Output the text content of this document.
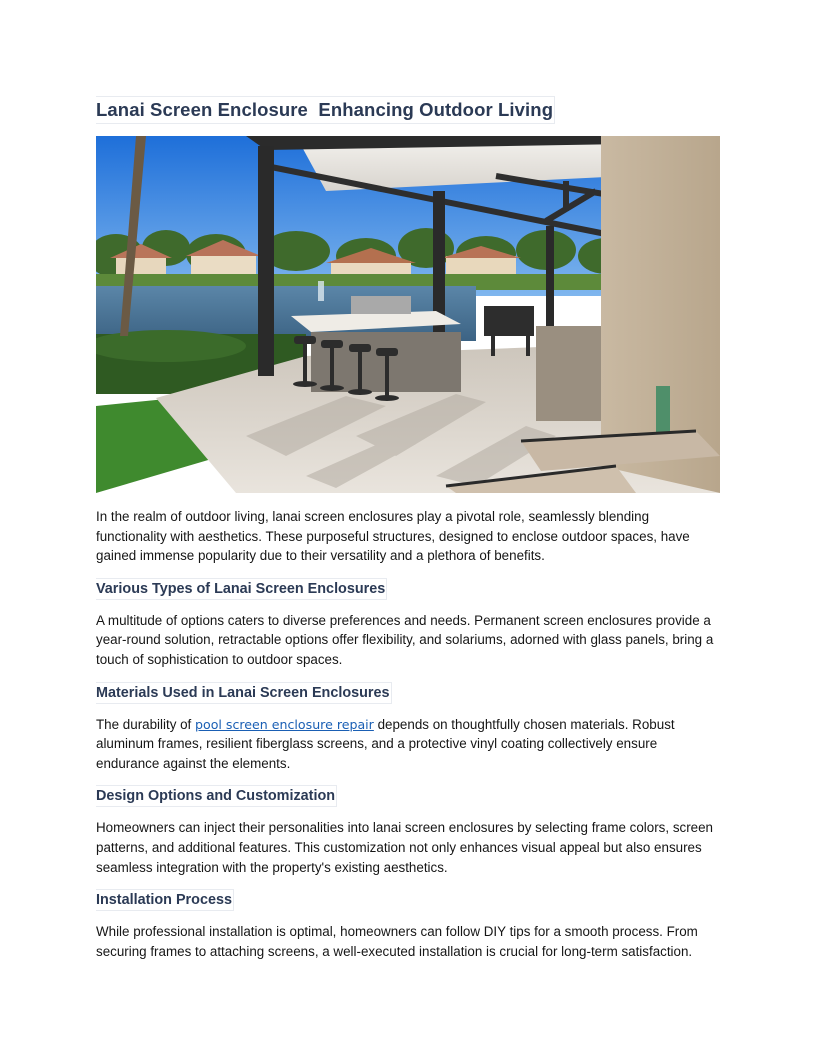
Lanai Screen Enclosure  Enhancing Outdoor Living

In the realm of outdoor living, lanai screen enclosures play a pivotal role, seamlessly blending functionality with aesthetics. These purposeful structures, designed to enclose outdoor spaces, have gained immense popularity due to their versatility and a plethora of benefits.

Various Types of Lanai Screen Enclosures

A multitude of options caters to diverse preferences and needs. Permanent screen enclosures provide a year-round solution, retractable options offer flexibility, and solariums, adorned with glass panels, bring a touch of sophistication to outdoor spaces.

Materials Used in Lanai Screen Enclosures

The durability of pool screen enclosure repair depends on thoughtfully chosen materials. Robust aluminum frames, resilient fiberglass screens, and a protective vinyl coating collectively ensure endurance against the elements.

Design Options and Customization

Homeowners can inject their personalities into lanai screen enclosures by selecting frame colors, screen patterns, and additional features. This customization not only enhances visual appeal but also ensures seamless integration with the property's existing aesthetics.

Installation Process

While professional installation is optimal, homeowners can follow DIY tips for a smooth process. From securing frames to attaching screens, a well-executed installation is crucial for long-term satisfaction.
